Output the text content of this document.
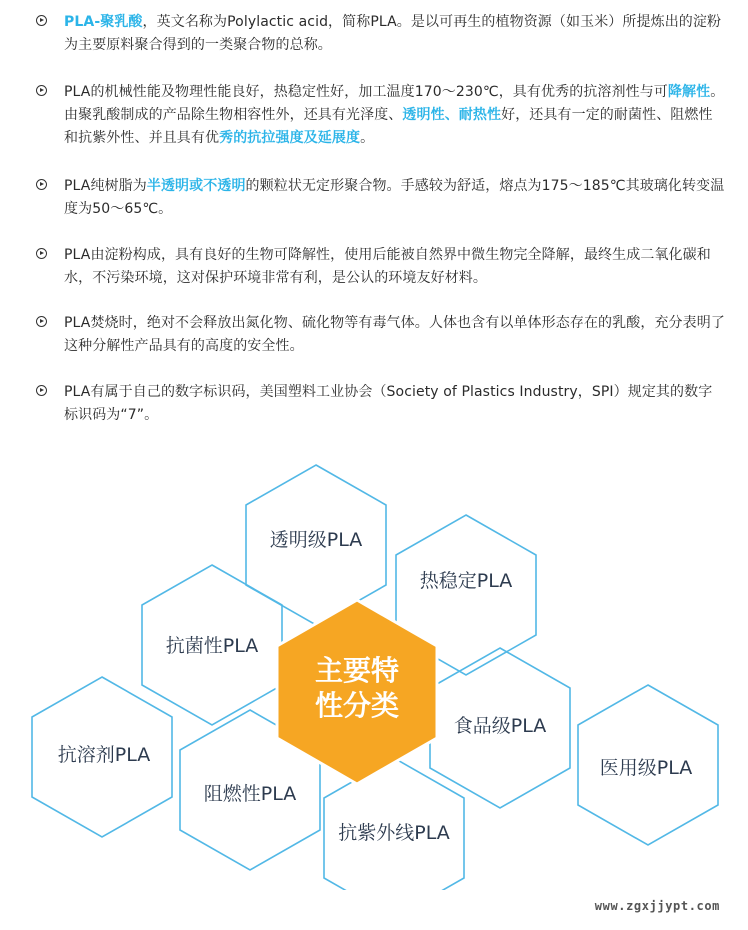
PLA-聚乳酸，英文名称为Polylactic acid，简称PLA。是以可再生的植物资源（如玉米）所提炼出的淀粉为主要原料聚合得到的一类聚合物的总称。
PLA的机械性能及物理性能良好，热稳定性好，加工温度170～230℃，具有优秀的抗溶剂性与可降解性。由聚乳酸制成的产品除生物相容性外，还具有光泽度、透明性、耐热性好，还具有一定的耐菌性、阻燃性和抗紫外性、并且具有优秀的抗拉强度及延展度。
PLA纯树脂为半透明或不透明的颗粒状无定形聚合物。手感较为舒适，熔点为175～185℃其玻璃化转变温度为50～65℃。
PLA由淀粉构成，具有良好的生物可降解性，使用后能被自然界中微生物完全降解，最终生成二氧化碳和水，不污染环境，这对保护环境非常有利，是公认的环境友好材料。
PLA焚烧时，绝对不会释放出氮化物、硫化物等有毒气体。人体也含有以单体形态存在的乳酸，充分表明了这种分解性产品具有的高度的安全性。
PLA有属于自己的数字标识码，美国塑料工业协会（Society of Plastics Industry，SPI）规定其的数字标识码为“7”。
透明级PLA
热稳定PLA
抗菌性PLA
食品级PLA
抗溶剂PLA
医用级PLA
阻燃性PLA
抗紫外线PLA
主要特
性分类
www.zgxjjypt.com
